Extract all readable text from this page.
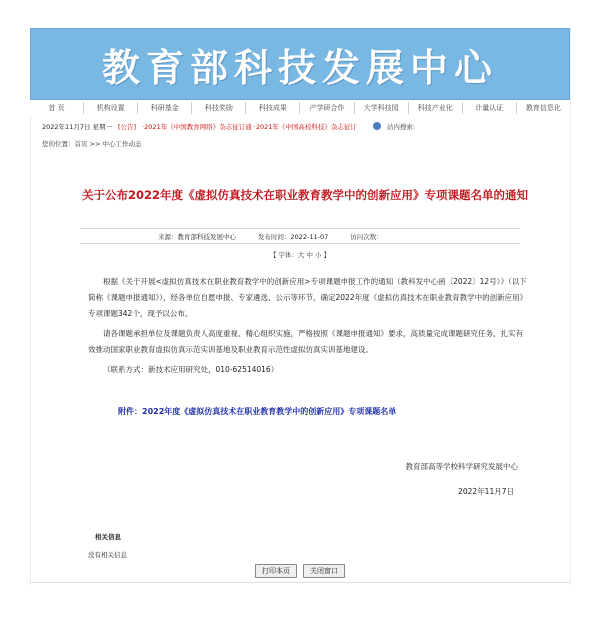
教育部科技发展中心
首 页	机构设置	科研基金	科技奖励	科技成果	产学研合作	大学科技园	科技产业化	计量认证	教育信息化
2022年11月7日 星期一 [公告] ·2021年《中国教育网络》杂志征订通 ·2021年《中国高校科技》杂志征订	站内搜索:
您的位置：首页 >> 中心工作动态
关于公布2022年度《虚拟仿真技术在职业教育教学中的创新应用》专项课题名单的通知
来源：教育部科技发展中心	发布时间：2022-11-07	访问次数：
【 字体：大 中 小 】

根据《关于开展<虚拟仿真技术在职业教育教学中的创新应用>专项课题申报工作的通知（教科发中心函〔2022〕12号）》（以下简称《课题申报通知》），经各单位自愿申报、专家遴选、公示等环节，确定2022年度《虚拟仿真技术在职业教育教学中的创新应用》专项课题342个，现予以公布。

请各课题承担单位及课题负责人高度重视、精心组织实施，严格按照《课题申报通知》要求，高质量完成课题研究任务，扎实有效推动国家职业教育虚拟仿真示范实训基地及职业教育示范性虚拟仿真实训基地建设。

（联系方式：新技术应用研究处，010-62514016）

附件：2022年度《虚拟仿真技术在职业教育教学中的创新应用》专项课题名单
教育部高等学校科学研究发展中心
2022年11月7日
相关信息
没有相关信息
打印本页	关闭窗口
